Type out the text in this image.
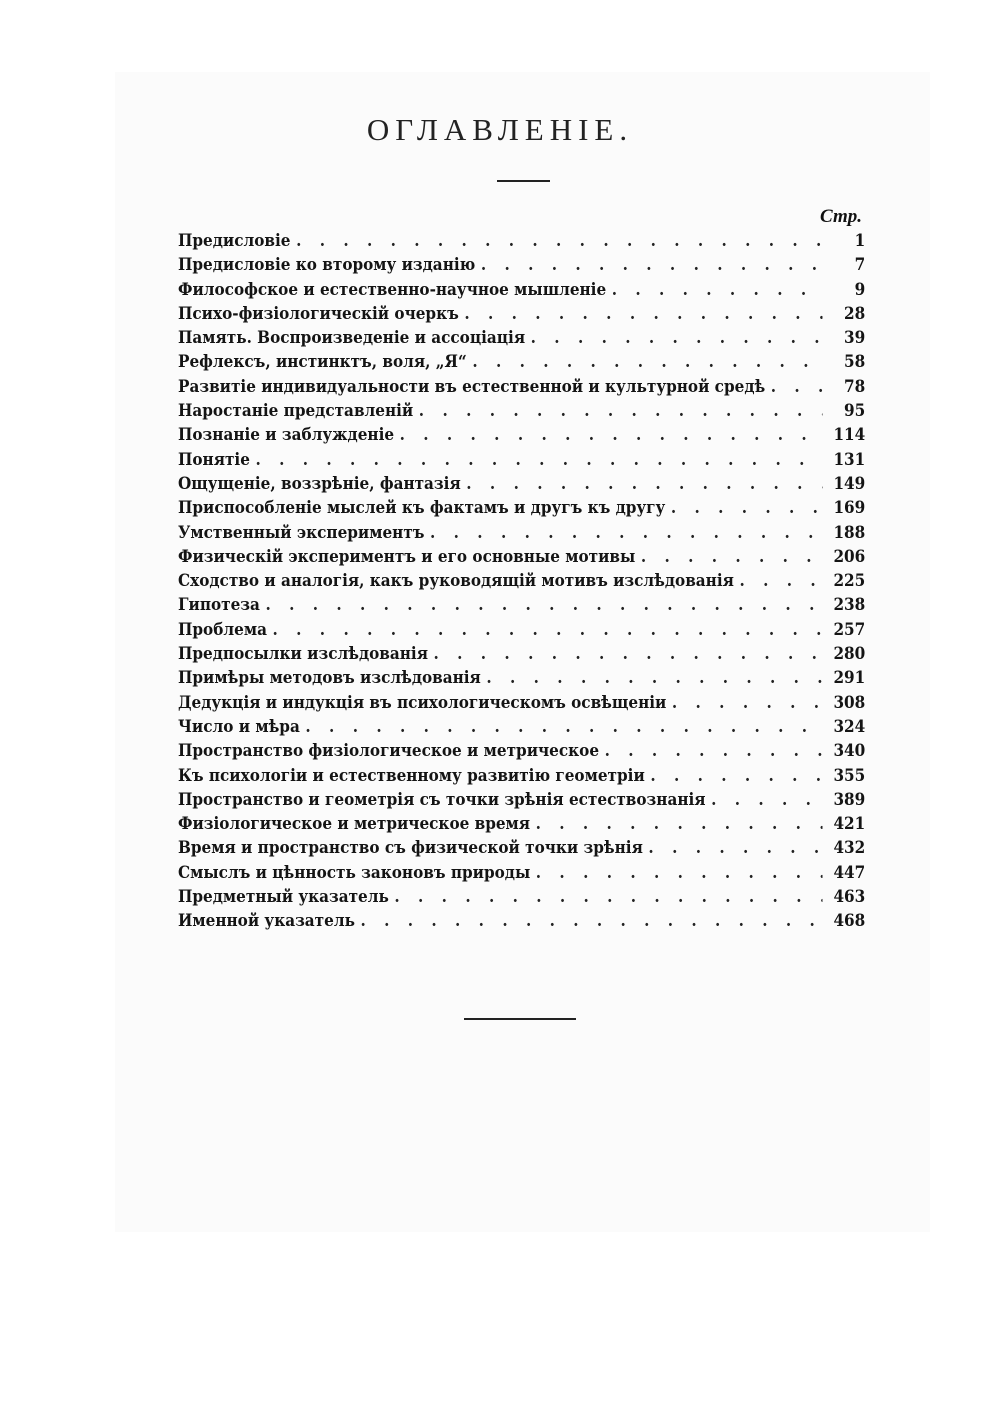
ОГЛАВЛЕНIЕ.
Стр.
Предисловіе . . .	1
Предисловіе ко второму изданію . . .	7
Философское и естественно-научное мышленіе . . .	9
Психо-физіологическій очеркъ . . .	28
Память. Воспроизведеніе и ассоціація . . .	39
Рефлексъ, инстинктъ, воля, „Я“ . . .	58
Развитіе индивидуальности въ естественной и культурной средѣ . . .	78
Наростаніе представленій . . .	95
Познаніе и заблужденіе . . .	114
Понятіе . . .	131
Ощущеніе, воззрѣніе, фантазія . . .	149
Приспособленіе мыслей къ фактамъ и другъ къ другу . . .	169
Умственный экспериментъ . . .	188
Физическій экспериментъ и его основные мотивы . . .	206
Сходство и аналогія, какъ руководящій мотивъ изслѣдованія . . .	225
Гипотеза . . .	238
Проблема . . .	257
Предпосылки изслѣдованія . . .	280
Примѣры методовъ изслѣдованія . . .	291
Дедукція и индукція въ психологическомъ освѣщеніи . . .	308
Число и мѣра . . .	324
Пространство физіологическое и метрическое . . .	340
Къ психологіи и естественному развитію геометріи . . .	355
Пространство и геометрія съ точки зрѣнія естествознанія . . .	389
Физіологическое и метрическое время . . .	421
Время и пространство съ физической точки зрѣнія . . .	432
Смыслъ и цѣнность законовъ природы . . .	447
Предметный указатель . . .	463
Именной указатель . . .	468
